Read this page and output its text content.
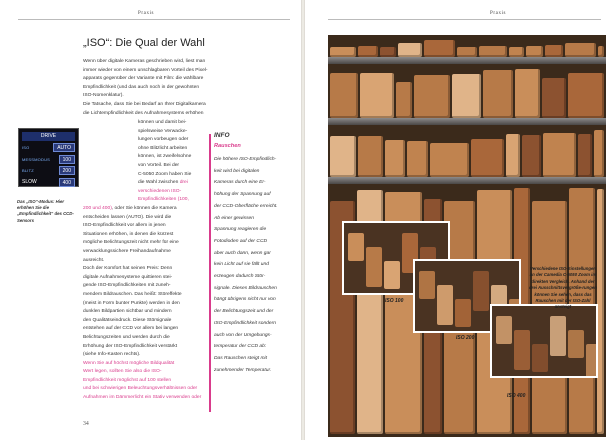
Praxis
„ISO“: Die Qual der Wahl

Wenn über digitale Kameras geschrieben wird, liest man

immer wieder von einem unschlagbaren Vorteil des Pixel-

apparats gegenüber der Variante mit Film: die wählbare

Empfindlichkeit (und das auch noch in der gewohnten

ISO-Nomenklatur).

Die Tatsache, dass Sie bei Bedarf an Ihrer Digitalkamera

die Lichtempfindlichkeit des Aufnahmesystems erhöhen

DRIVE
ISO	AUTO
MESSMODUS	100
BLITZ	200
SLOW	400
Das „ISO“-Modus: Hier erhöhen Sie die „Empfindlichkeit“ des CCD-Sensors

können und damit bei-

spielsweise Verwacke-

lungen vorbeugen oder

ohne Blitzlicht arbeiten

können, ist zweifelsohne

von Vorteil. Bei der

C-5050 Zoom haben Sie

die Wahl zwischen drei

verschiedenen ISO-

Empfindlichkeiten (100,

200 und 400), oder Sie können die Kamera

entscheiden lassen (AUTO). Die wird die

ISO-Empfindlichkeit vor allem in jenen

Situationen erhöhen, in denen die kürzest

mögliche Belichtungszeit nicht mehr für eine

verwacklungssichere Freihandaufnahme

ausreicht.

Doch der Komfort hat seinen Preis: Denn

digitale Aufnahmesysteme quittieren stei-

gende ISO-Empfindlichkeiten mit zuneh-

mendem Bildrauschen. Das heißt: Störeffekte

(meist in Form bunter Punkte) werden in den

dunklen Bildpartien sichtbar und mindern

den Qualitätseindruck. Diese Störsignale

entstehen auf der CCD vor allem bei langen

Belichtungszeiten und werden durch die

Erhöhung der ISO-Empfindlichkeit verstärkt

(siehe Info-Kasten rechts).

Wenn Sie auf höchst mögliche Bildqualität

Wert legen, sollten Sie also die ISO-

Empfindlichkeit möglichst auf 100 stellen

und bei schwierigen Beleuchtungsverhältnissen oder

Aufnahmen im Dämmerlicht ein Stativ verwenden oder

INFO
Rauschen

Die höhere ISO-Empfindlich-

keit wird bei digitalen

Kameras durch eine Er-

höhung der Spannung auf

der CCD-Oberfläche erreicht.

Ab einer gewissen

Spannung reagieren die

Fotodioden auf der CCD

aber auch dann, wenn gar

kein Licht auf sie fällt und

erzeugen dadurch Stör-

signale. Dieses Bildrauschen

hängt übrigens nicht nur von

der Belichtungszeit und der

ISO-Empfindlichkeit sondern

auch von der Umgebungs-

temperatur der CCD ab:

Das Rauschen steigt mit

zunehmender Temperatur.

34
Praxis
ISO 100
ISO 200
ISO 400
Verschiedene ISO-Einstellungen an der Camedia C-5050 Zoom im direkten Vergleich. Anhand der drei Ausschnittsvergröße-rungen können Sie sehen, dass das Rauschen mit der ISO-Zahl ansteigt
